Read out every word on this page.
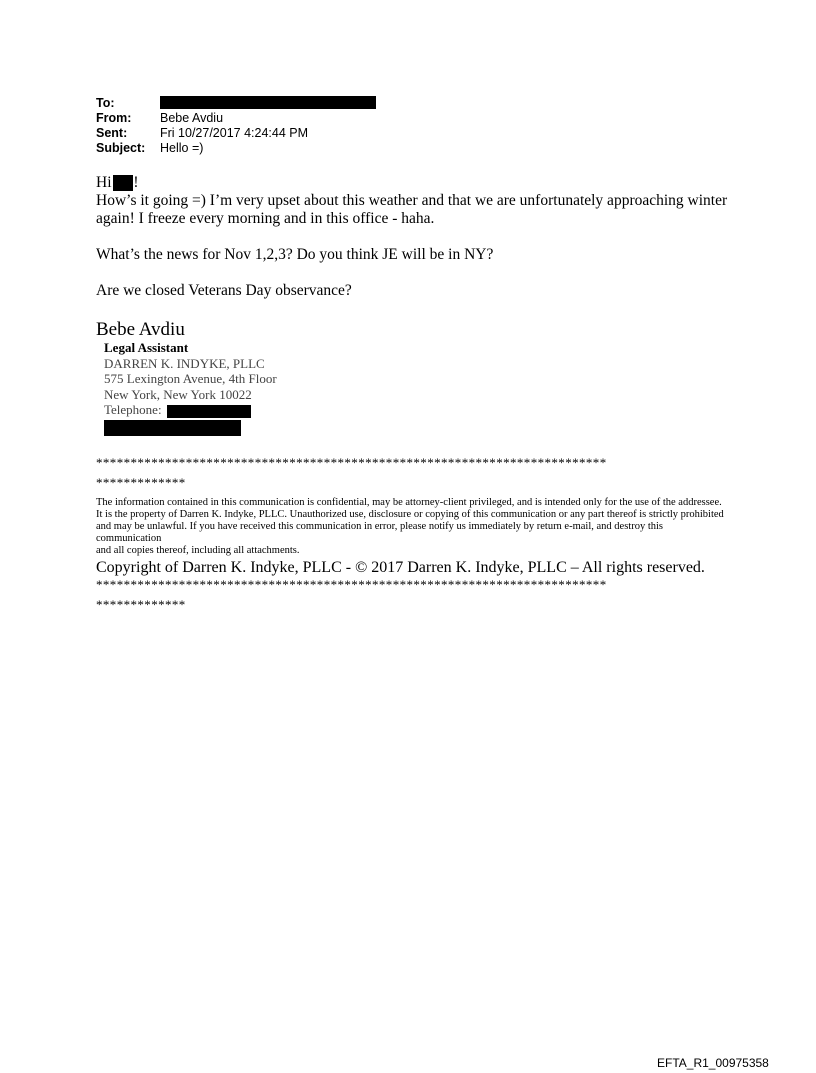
To:
From:	Bebe Avdiu
Sent:	Fri 10/27/2017 4:24:44 PM
Subject:	Hello =)

Hi !

How’s it going =) I’m very upset about this weather and that we are unfortunately approaching winter again! I freeze every morning and in this office - haha.

What’s the news for Nov 1,2,3? Do you think JE will be in NY?

Are we closed Veterans Day observance?

Bebe Avdiu
Legal Assistant
DARREN K. INDYKE, PLLC
575 Lexington Avenue, 4th Floor
New York, New York 10022
Telephone:
**************************************************************************
*************
The information contained in this communication is confidential, may be attorney-client privileged, and is intended only for the use of the addressee.
It is the property of Darren K. Indyke, PLLC. Unauthorized use, disclosure or copying of this communication or any part thereof is strictly prohibited
and may be unlawful. If you have received this communication in error, please notify us immediately by return e-mail, and destroy this communication
and all copies thereof, including all attachments.
Copyright of Darren K. Indyke, PLLC - © 2017 Darren K. Indyke, PLLC – All rights reserved.
**************************************************************************
*************
EFTA_R1_00975358
